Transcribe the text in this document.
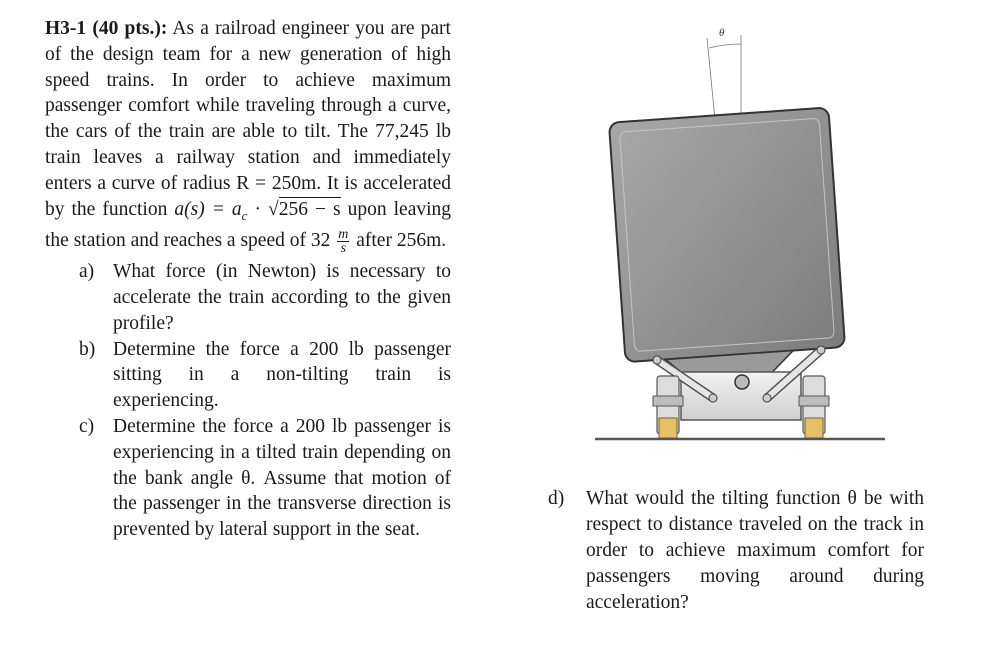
H3-1 (40 pts.): As a railroad engineer you are part of the design team for a new generation of high speed trains. In order to achieve maximum passenger comfort while traveling through a curve, the cars of the train are able to tilt. The 77,245 lb train leaves a railway station and immediately enters a curve of radius R = 250m. It is accelerated by the function $a(s) = a_c \cdot √256 - s$ upon leaving the station and reaches a speed of $32 \frac{m}{s}$ after 256m.

a) What force (in Newton) is necessary to accelerate the train according to the given profile?
b) Determine the force a 200 lb passenger sitting in a non-tilting train is experiencing.
c) Determine the force a 200 lb passenger is experiencing in a tilted train depending on the bank angle θ. Assume that motion of the passenger in the transverse direction is prevented by lateral support in the seat.
d) What would the tilting function θ be with respect to distance traveled on the track in order to achieve maximum comfort for passengers moving around during acceleration?
θ
